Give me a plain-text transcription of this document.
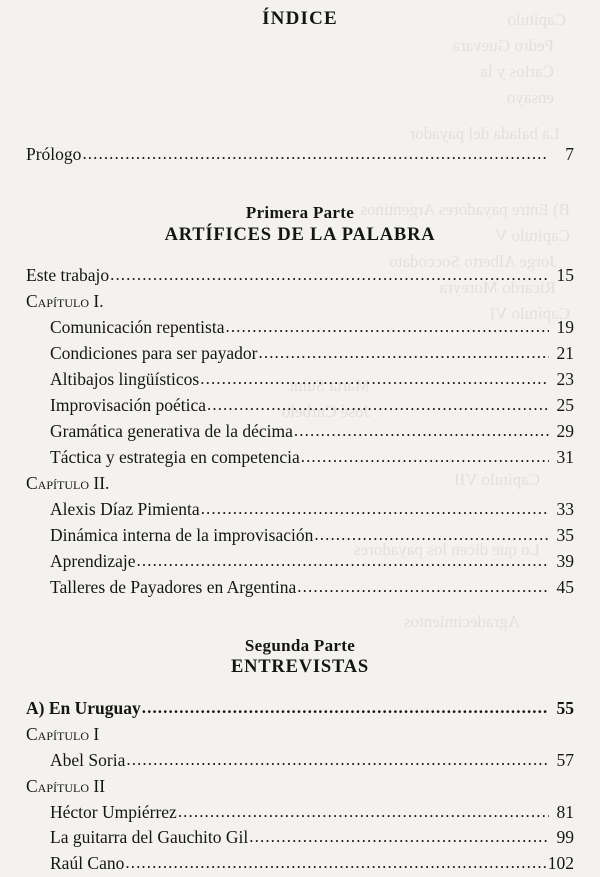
Capítulo
Pedro Guevara
Carlos y la
ensayo
La balada del payador
B) Entre payadores Argentinos
Capítulo V
Jorge Alberto Soccodato
Ricardo Moreyra
Capítulo VI
Marta Suint
José Curbelo
Capítulo VII
Lo que dicen los payadores
Agradecimientos
ÍNDICE
Prólogo .....	7
Primera Parte
ARTÍFICES DE LA PALABRA
Este trabajo .....	15
Capítulo I.
Comunicación repentista .....	19
Condiciones para ser payador .....	21
Altibajos lingüísticos .....	23
Improvisación poética .....	25
Gramática generativa de la décima .....	29
Táctica y estrategia en competencia .....	31
Capítulo II.
Alexis Díaz Pimienta .....	33
Dinámica interna de la improvisación .....	35
Aprendizaje .....	39
Talleres de Payadores en Argentina .....	45
Segunda Parte
ENTREVISTAS
A) En Uruguay .....	55
Capítulo I
Abel Soria .....	57
Capítulo II
Héctor Umpiérrez .....	81
La guitarra del Gauchito Gil .....	99
Raúl Cano .....	102
